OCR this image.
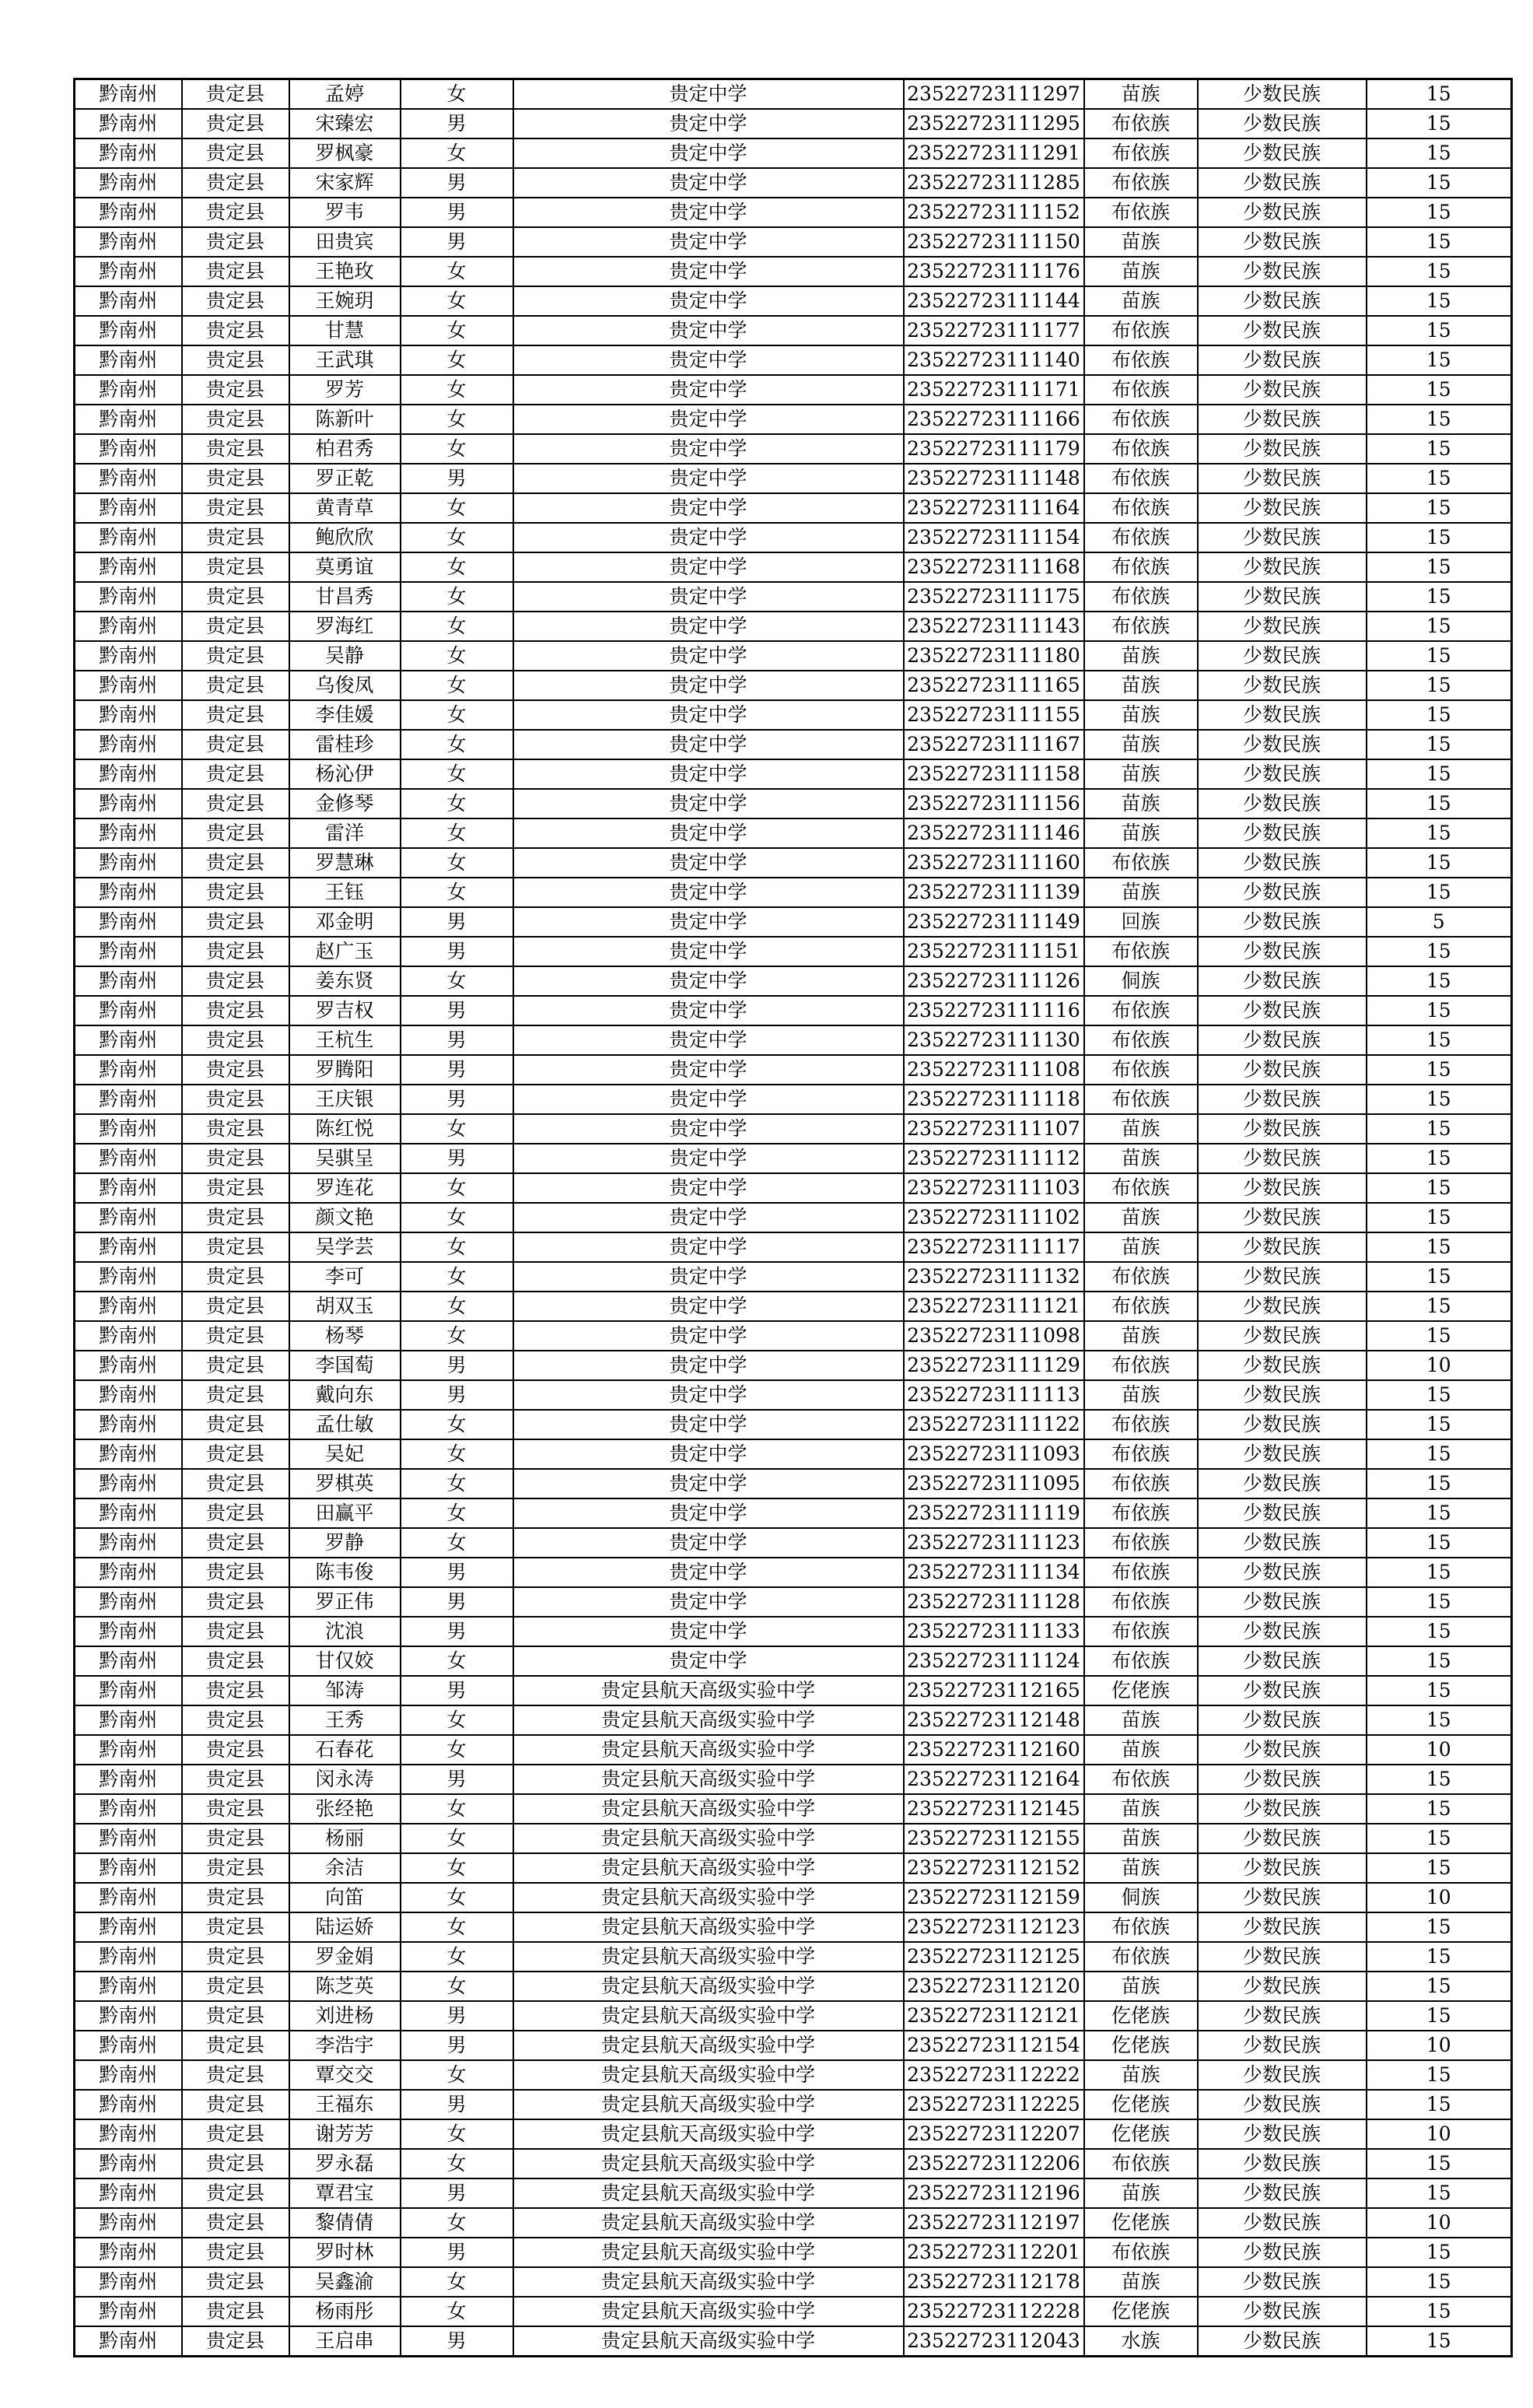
黔南州	贵定县	孟婷	女	贵定中学	23522723111297	苗族	少数民族	15
黔南州	贵定县	宋臻宏	男	贵定中学	23522723111295	布依族	少数民族	15
黔南州	贵定县	罗枫豪	女	贵定中学	23522723111291	布依族	少数民族	15
黔南州	贵定县	宋家辉	男	贵定中学	23522723111285	布依族	少数民族	15
黔南州	贵定县	罗韦	男	贵定中学	23522723111152	布依族	少数民族	15
黔南州	贵定县	田贵宾	男	贵定中学	23522723111150	苗族	少数民族	15
黔南州	贵定县	王艳玫	女	贵定中学	23522723111176	苗族	少数民族	15
黔南州	贵定县	王婉玥	女	贵定中学	23522723111144	苗族	少数民族	15
黔南州	贵定县	甘慧	女	贵定中学	23522723111177	布依族	少数民族	15
黔南州	贵定县	王武琪	女	贵定中学	23522723111140	布依族	少数民族	15
黔南州	贵定县	罗芳	女	贵定中学	23522723111171	布依族	少数民族	15
黔南州	贵定县	陈新叶	女	贵定中学	23522723111166	布依族	少数民族	15
黔南州	贵定县	柏君秀	女	贵定中学	23522723111179	布依族	少数民族	15
黔南州	贵定县	罗正乾	男	贵定中学	23522723111148	布依族	少数民族	15
黔南州	贵定县	黄青草	女	贵定中学	23522723111164	布依族	少数民族	15
黔南州	贵定县	鲍欣欣	女	贵定中学	23522723111154	布依族	少数民族	15
黔南州	贵定县	莫勇谊	女	贵定中学	23522723111168	布依族	少数民族	15
黔南州	贵定县	甘昌秀	女	贵定中学	23522723111175	布依族	少数民族	15
黔南州	贵定县	罗海红	女	贵定中学	23522723111143	布依族	少数民族	15
黔南州	贵定县	吴静	女	贵定中学	23522723111180	苗族	少数民族	15
黔南州	贵定县	乌俊凤	女	贵定中学	23522723111165	苗族	少数民族	15
黔南州	贵定县	李佳媛	女	贵定中学	23522723111155	苗族	少数民族	15
黔南州	贵定县	雷桂珍	女	贵定中学	23522723111167	苗族	少数民族	15
黔南州	贵定县	杨沁伊	女	贵定中学	23522723111158	苗族	少数民族	15
黔南州	贵定县	金修琴	女	贵定中学	23522723111156	苗族	少数民族	15
黔南州	贵定县	雷洋	女	贵定中学	23522723111146	苗族	少数民族	15
黔南州	贵定县	罗慧琳	女	贵定中学	23522723111160	布依族	少数民族	15
黔南州	贵定县	王钰	女	贵定中学	23522723111139	苗族	少数民族	15
黔南州	贵定县	邓金明	男	贵定中学	23522723111149	回族	少数民族	5
黔南州	贵定县	赵广玉	男	贵定中学	23522723111151	布依族	少数民族	15
黔南州	贵定县	姜东贤	女	贵定中学	23522723111126	侗族	少数民族	15
黔南州	贵定县	罗吉权	男	贵定中学	23522723111116	布依族	少数民族	15
黔南州	贵定县	王杭生	男	贵定中学	23522723111130	布依族	少数民族	15
黔南州	贵定县	罗腾阳	男	贵定中学	23522723111108	布依族	少数民族	15
黔南州	贵定县	王庆银	男	贵定中学	23522723111118	布依族	少数民族	15
黔南州	贵定县	陈红悦	女	贵定中学	23522723111107	苗族	少数民族	15
黔南州	贵定县	吴骐呈	男	贵定中学	23522723111112	苗族	少数民族	15
黔南州	贵定县	罗连花	女	贵定中学	23522723111103	布依族	少数民族	15
黔南州	贵定县	颜文艳	女	贵定中学	23522723111102	苗族	少数民族	15
黔南州	贵定县	吴学芸	女	贵定中学	23522723111117	苗族	少数民族	15
黔南州	贵定县	李可	女	贵定中学	23522723111132	布依族	少数民族	15
黔南州	贵定县	胡双玉	女	贵定中学	23522723111121	布依族	少数民族	15
黔南州	贵定县	杨琴	女	贵定中学	23522723111098	苗族	少数民族	15
黔南州	贵定县	李国萄	男	贵定中学	23522723111129	布依族	少数民族	10
黔南州	贵定县	戴向东	男	贵定中学	23522723111113	苗族	少数民族	15
黔南州	贵定县	孟仕敏	女	贵定中学	23522723111122	布依族	少数民族	15
黔南州	贵定县	吴妃	女	贵定中学	23522723111093	布依族	少数民族	15
黔南州	贵定县	罗棋英	女	贵定中学	23522723111095	布依族	少数民族	15
黔南州	贵定县	田赢平	女	贵定中学	23522723111119	布依族	少数民族	15
黔南州	贵定县	罗静	女	贵定中学	23522723111123	布依族	少数民族	15
黔南州	贵定县	陈韦俊	男	贵定中学	23522723111134	布依族	少数民族	15
黔南州	贵定县	罗正伟	男	贵定中学	23522723111128	布依族	少数民族	15
黔南州	贵定县	沈浪	男	贵定中学	23522723111133	布依族	少数民族	15
黔南州	贵定县	甘仅姣	女	贵定中学	23522723111124	布依族	少数民族	15
黔南州	贵定县	邹涛	男	贵定县航天高级实验中学	23522723112165	仡佬族	少数民族	15
黔南州	贵定县	王秀	女	贵定县航天高级实验中学	23522723112148	苗族	少数民族	15
黔南州	贵定县	石春花	女	贵定县航天高级实验中学	23522723112160	苗族	少数民族	10
黔南州	贵定县	闵永涛	男	贵定县航天高级实验中学	23522723112164	布依族	少数民族	15
黔南州	贵定县	张经艳	女	贵定县航天高级实验中学	23522723112145	苗族	少数民族	15
黔南州	贵定县	杨丽	女	贵定县航天高级实验中学	23522723112155	苗族	少数民族	15
黔南州	贵定县	余洁	女	贵定县航天高级实验中学	23522723112152	苗族	少数民族	15
黔南州	贵定县	向笛	女	贵定县航天高级实验中学	23522723112159	侗族	少数民族	10
黔南州	贵定县	陆运娇	女	贵定县航天高级实验中学	23522723112123	布依族	少数民族	15
黔南州	贵定县	罗金娟	女	贵定县航天高级实验中学	23522723112125	布依族	少数民族	15
黔南州	贵定县	陈芝英	女	贵定县航天高级实验中学	23522723112120	苗族	少数民族	15
黔南州	贵定县	刘进杨	男	贵定县航天高级实验中学	23522723112121	仡佬族	少数民族	15
黔南州	贵定县	李浩宇	男	贵定县航天高级实验中学	23522723112154	仡佬族	少数民族	10
黔南州	贵定县	覃交交	女	贵定县航天高级实验中学	23522723112222	苗族	少数民族	15
黔南州	贵定县	王福东	男	贵定县航天高级实验中学	23522723112225	仡佬族	少数民族	15
黔南州	贵定县	谢芳芳	女	贵定县航天高级实验中学	23522723112207	仡佬族	少数民族	10
黔南州	贵定县	罗永磊	女	贵定县航天高级实验中学	23522723112206	布依族	少数民族	15
黔南州	贵定县	覃君宝	男	贵定县航天高级实验中学	23522723112196	苗族	少数民族	15
黔南州	贵定县	黎倩倩	女	贵定县航天高级实验中学	23522723112197	仡佬族	少数民族	10
黔南州	贵定县	罗时林	男	贵定县航天高级实验中学	23522723112201	布依族	少数民族	15
黔南州	贵定县	吴鑫渝	女	贵定县航天高级实验中学	23522723112178	苗族	少数民族	15
黔南州	贵定县	杨雨彤	女	贵定县航天高级实验中学	23522723112228	仡佬族	少数民族	15
黔南州	贵定县	王启串	男	贵定县航天高级实验中学	23522723112043	水族	少数民族	15
